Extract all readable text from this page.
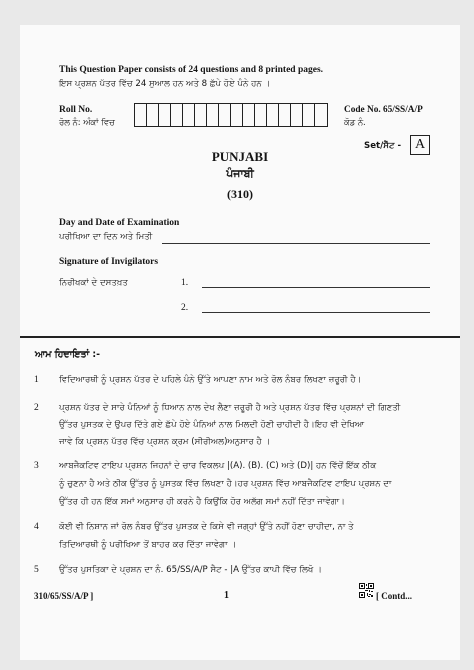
This Question Paper consists of 24 questions and 8 printed pages.
ਇਸ ਪ੍ਰਸ਼ਨ ਪੱਤਰ ਵਿੱਚ 24 ਸੁਆਲ ਹਨ ਅਤੇ 8 ਛੱਪੇ ਹੋਏ ਪੰਨੇ ਹਨ ।
Roll No.
ਰੋਲ ਨੰ: ਅੰਕਾਂ ਵਿਚ
Code No. 65/SS/A/P
ਕੋਡ ਨੰ.
Set/ਸੈੱਟ - A
PUNJABI
ਪੰਜਾਬੀ
(310)
Day and Date of Examination
ਪਰੀਖਿਆ ਦਾ ਦਿਨ ਅਤੇ ਮਿਤੀ
Signature of Invigilators
ਨਿਰੀਖਕਾਂ ਦੇ ਦਸਤਖ਼ਤ	1.
2.
ਆਮ ਹਿਦਾਇਤਾਂ :-
1 ਵਿਦਿਆਰਥੀ ਨੂੰ ਪ੍ਰਸ਼ਨ ਪੱਤਰ ਦੇ ਪਹਿਲੇ ਪੰਨੇ ਉੱਤੇ ਆਪਣਾ ਨਾਮ ਅਤੇ ਰੋਲ ਨੰਬਰ ਲਿਖਣਾ ਜ਼ਰੂਰੀ ਹੈ।
2 ਪ੍ਰਸ਼ਨ ਪੱਤਰ ਦੇ ਸਾਰੇ ਪੰਨਿਆਂ ਨੂੰ ਧਿਆਨ ਨਾਲ ਦੇਖ ਲੈਣਾ ਜ਼ਰੂਰੀ ਹੈ ਅਤੇ ਪ੍ਰਸ਼ਨ ਪੱਤਰ ਵਿੱਚ ਪ੍ਰਸ਼ਨਾਂ ਦੀ ਗਿਣਤੀ
ਉੱਤਰ ਪੁਸਤਕ ਦੇ ਉਪਰ ਦਿੱਤੇ ਗਏ ਛੱਪੇ ਹੋਏ ਪੰਨਿਆਂ ਨਾਲ ਮਿਲਦੀ ਹੋਣੀ ਚਾਹੀਦੀ ਹੈ।ਇਹ ਵੀ ਦੇਖਿਆ
ਜਾਵੇ ਕਿ ਪ੍ਰਸ਼ਨ ਪੱਤਰ ਵਿੱਚ ਪ੍ਰਸ਼ਨ ਕ੍ਰਮ (ਸੀਰੀਅਲ)ਅਨੁਸਾਰ ਹੈ ।
3 ਆਬਜੈਕਟਿਵ ਟਾਇਪ ਪ੍ਰਸ਼ਨ ਜਿਹਨਾਂ ਦੇ ਚਾਰ ਵਿਕਲਪ |(A). (B). (C) ਅਤੇ (D)| ਹਨ ਵਿੱਚੋਂ ਇੱਕ ਠੀਕ
ਨੂੰ ਚੁਣਨਾ ਹੈ ਅਤੇ ਠੀਕ ਉੱਤਰ ਨੂੰ ਪੁਸਤਕ ਵਿੱਚ ਲਿਖਣਾ ਹੈ।ਹਰ ਪ੍ਰਸ਼ਨ ਵਿੱਚ ਆਬਜੈਕਟਿਵ ਟਾਇਪ ਪ੍ਰਸ਼ਨ ਦਾ
ਉੱਤਰ ਹੀ ਹਨ ਇੱਕ ਸਮਾਂ ਅਨੁਸਾਰ ਹੀ ਕਰਨੇ ਹੈ ਕਿਉਂਕਿ ਹੋਰ ਅਲੱਗ ਸਮਾਂ ਨਹੀਂ ਦਿੱਤਾ ਜਾਵੇਗਾ।
4 ਕੋਈ ਵੀ ਨਿਸ਼ਾਨ ਜਾਂ ਰੋਲ ਨੰਬਰ ਉੱਤਰ ਪੁਸਤਕ ਦੇ ਕਿਸੇ ਵੀ ਜਗ੍ਹਾਂ ਉੱਤੇ ਨਹੀਂ ਹੋਣਾ ਚਾਹੀਦਾ, ਨਾ ਤੇ
ਤਿਦਿਆਰਥੀ ਨੂੰ ਪਰੀਖਿਆ ਤੋਂ ਬਾਹਰ ਕਰ ਦਿੱਤਾ ਜਾਵੇਗਾ ।
5 ਉੱਤਰ ਪੁਸਤਿਕਾ ਦੇ ਪ੍ਰਸ਼ਨ ਦਾ ਨੰ. 65/SS/A/P ਸੈਟ - |A ਉੱਤਰ ਕਾਪੀ ਵਿੱਚ ਲਿਖੋ ।
310/65/SS/A/P ]	1	[ Contd...
